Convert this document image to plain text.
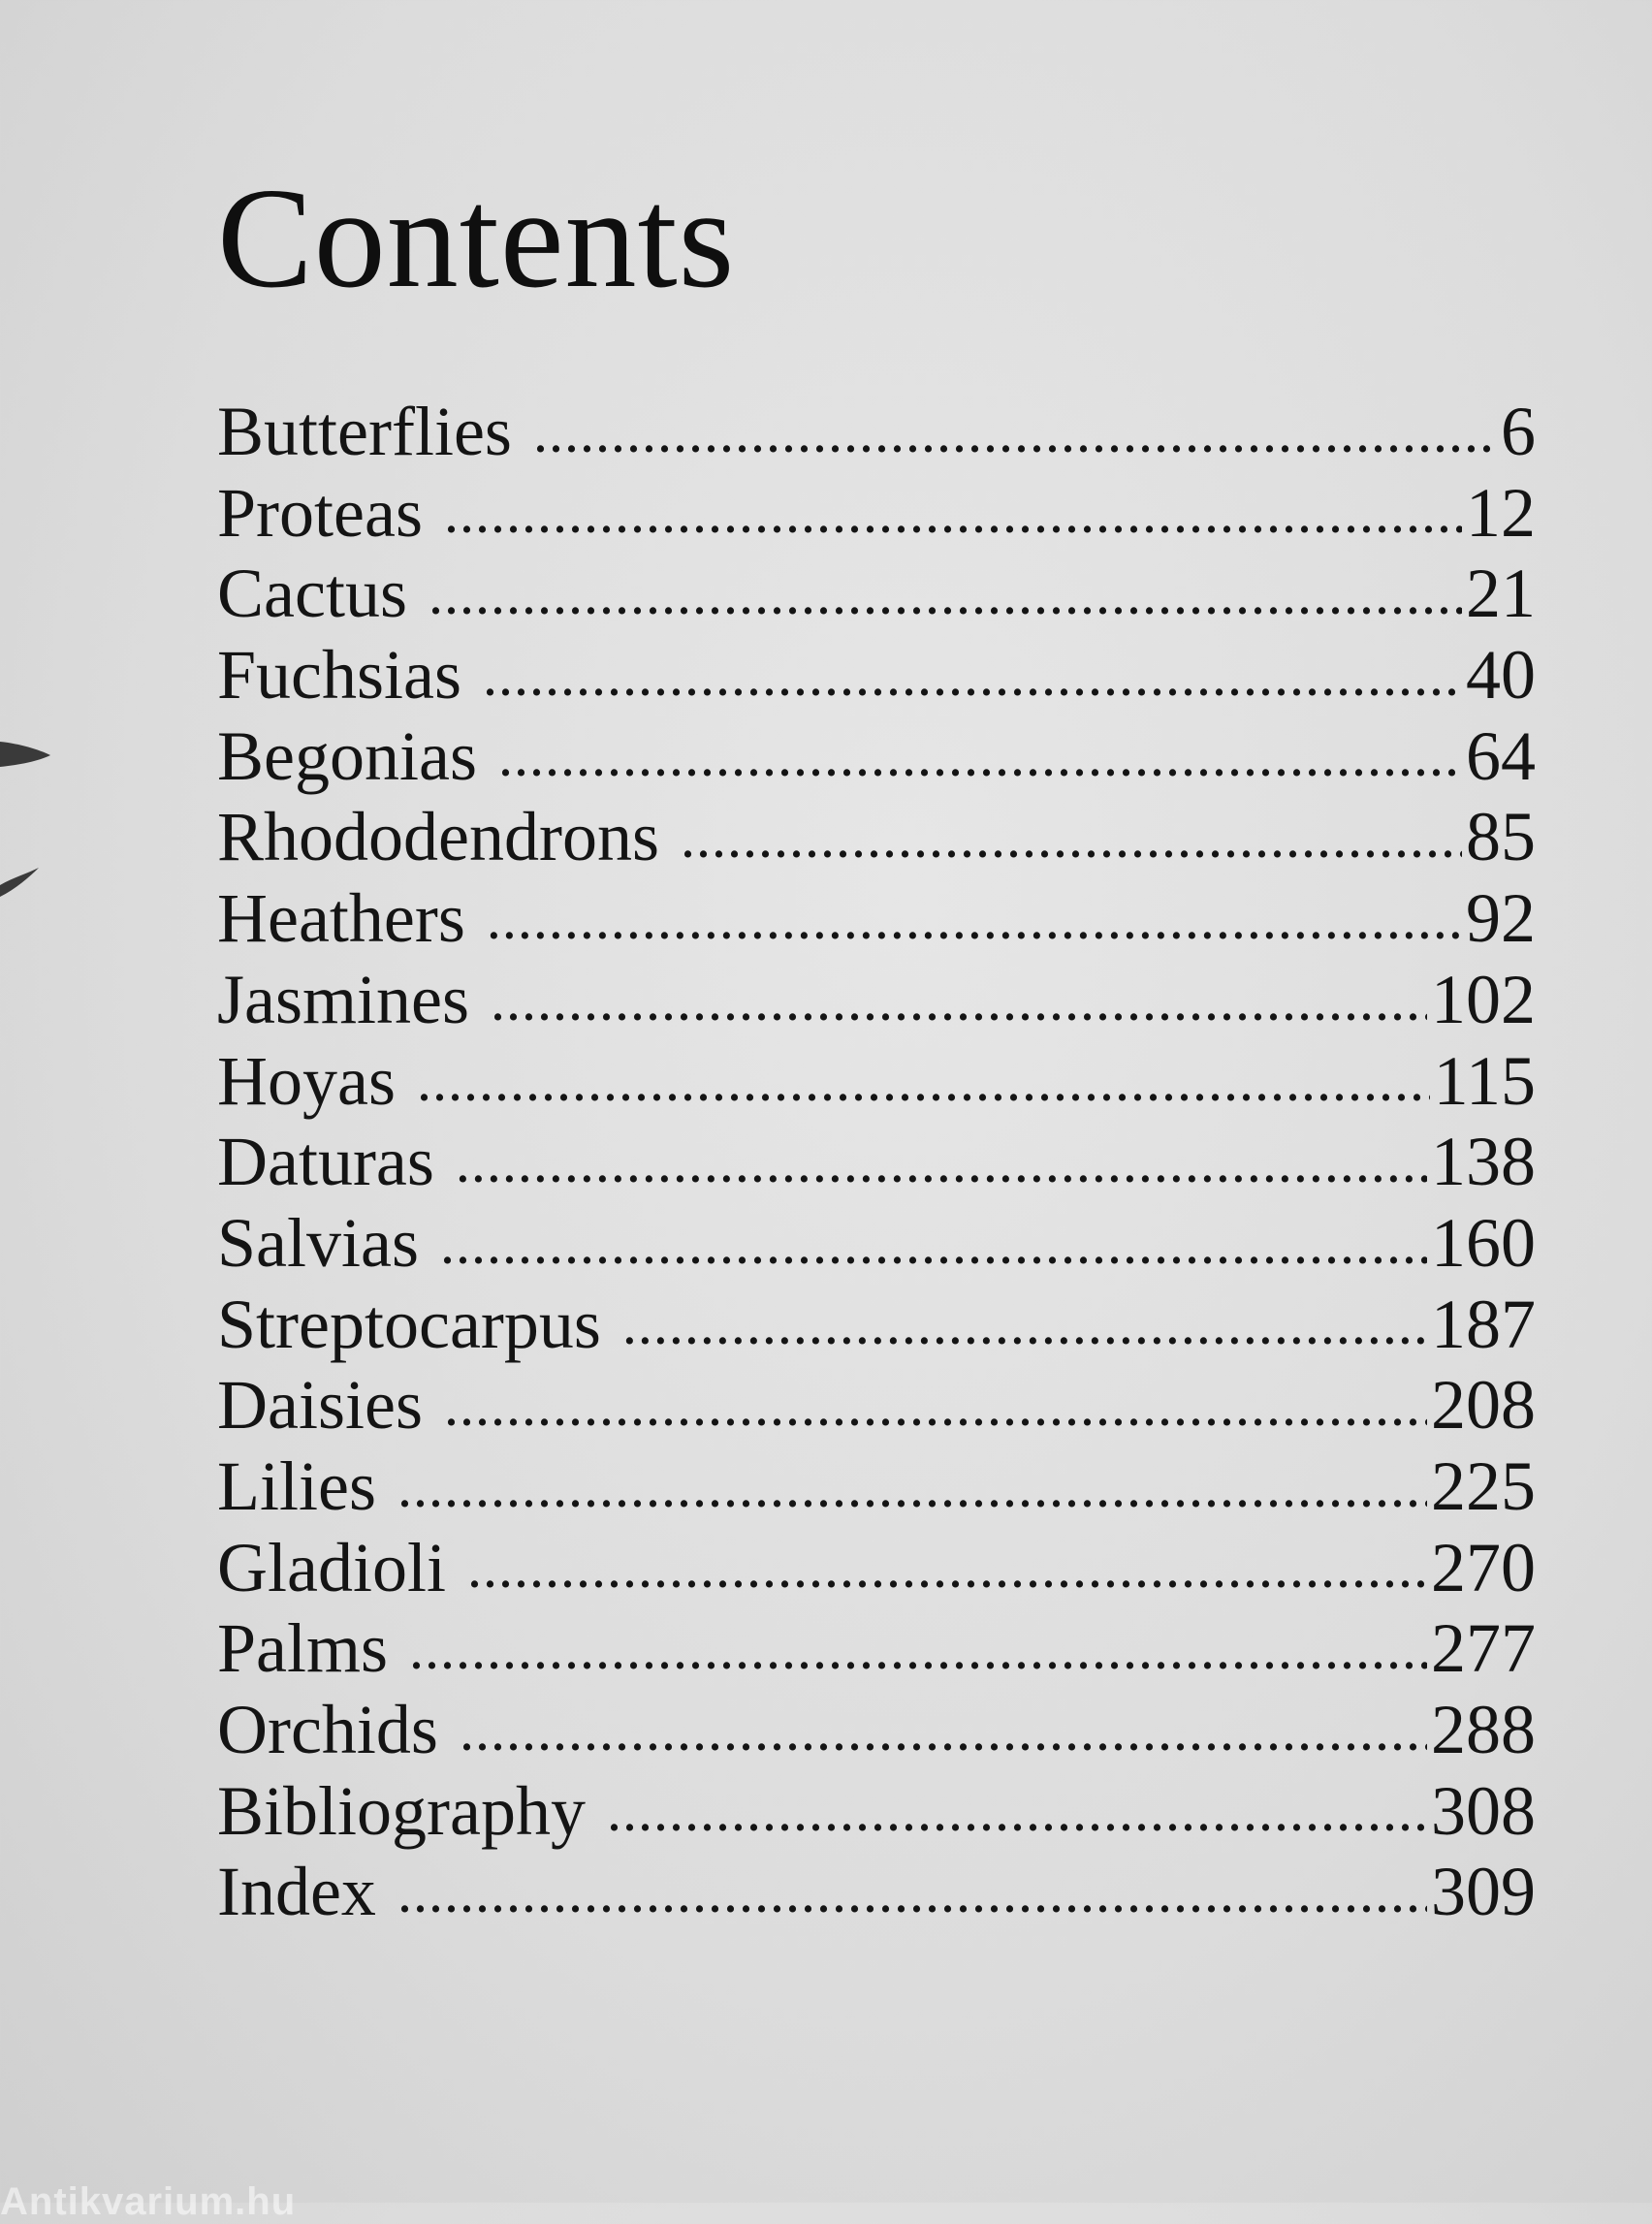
Contents
Butterflies . . .	6
Proteas . . .	12
Cactus . . .	21
Fuchsias . . .	40
Begonias . . .	64
Rhododendrons . . .	85
Heathers . . .	92
Jasmines . . .	102
Hoyas . . .	115
Daturas . . .	138
Salvias . . .	160
Streptocarpus . . .	187
Daisies . . .	208
Lilies . . .	225
Gladioli . . .	270
Palms . . .	277
Orchids . . .	288
Bibliography . . .	308
Index . . .	309
Antikvarium.hu
